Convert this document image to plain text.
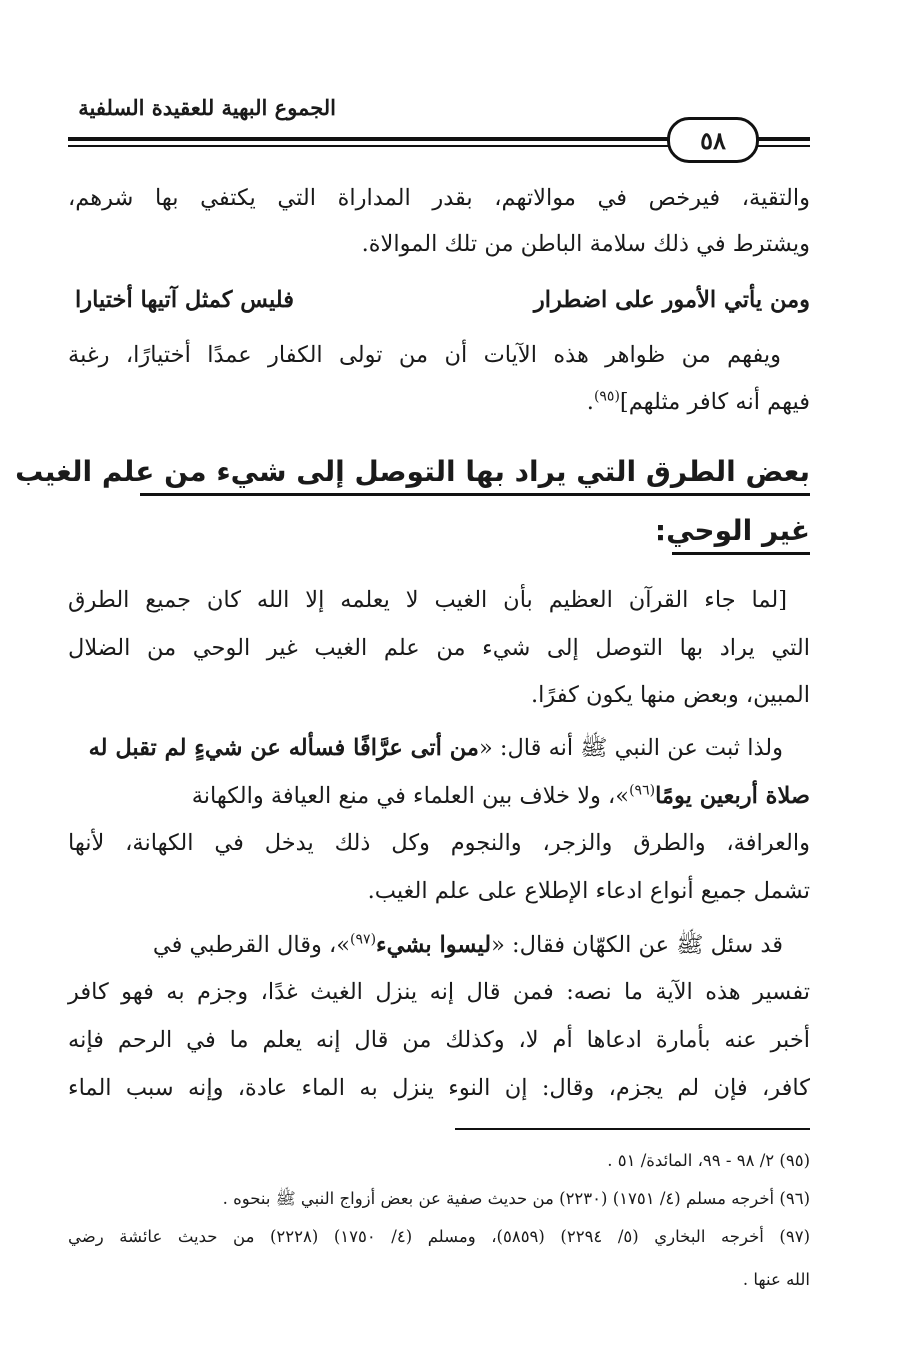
الجموع البهية للعقيدة السلفية
٥٨
والتقية، فيرخص في موالاتهم، بقدر المداراة التي يكتفي بها شرهم،
ويشترط في ذلك سلامة الباطن من تلك الموالاة.
ومن يأتي الأمور على اضطرار
فليس كمثل آتيها أختيارا
ويفهم من ظواهر هذه الآيات أن من تولى الكفار عمدًا أختيارًا، رغبة
فيهم أنه كافر مثلهم]$^{(٩٥)}$.
بعض الطرق التي يراد بها التوصل إلى شيء من علم الغيب
غير الوحي:
[لما جاء القرآن العظيم بأن الغيب لا يعلمه إلا الله كان جميع الطرق
التي يراد بها التوصل إلى شيء من علم الغيب غير الوحي من الضلال
المبين، وبعض منها يكون كفرًا.
ولذا ثبت عن النبي ﷺ أنه قال: «من أتى عرَّافًا فسأله عن شيءٍ لم تقبل له
صلاة أربعين يومًا$^{(٩٦)}$»، ولا خلاف بين العلماء في منع العيافة والكهانة
والعرافة، والطرق والزجر، والنجوم وكل ذلك يدخل في الكهانة، لأنها
تشمل جميع أنواع ادعاء الإطلاع على علم الغيب.
قد سئل ﷺ عن الكهّان فقال: «ليسوا بشيء$^{(٩٧)}$»، وقال القرطبي في
تفسير هذه الآية ما نصه: فمن قال إنه ينزل الغيث غدًا، وجزم به فهو كافر
أخبر عنه بأمارة ادعاها أم لا، وكذلك من قال إنه يعلم ما في الرحم فإنه
كافر، فإن لم يجزم، وقال: إن النوء ينزل به الماء عادة، وإنه سبب الماء
(٩٥) ٢/ ٩٨ - ٩٩، المائدة/ ٥١ .
(٩٦) أخرجه مسلم (٤/ ١٧٥١) (٢٢٣٠) من حديث صفية عن بعض أزواج النبي ﷺ بنحوه .
(٩٧) أخرجه البخاري (٥/ ٢٢٩٤) (٥٨٥٩)، ومسلم (٤/ ١٧٥٠) (٢٢٢٨) من حديث عائشة رضي
الله عنها .
